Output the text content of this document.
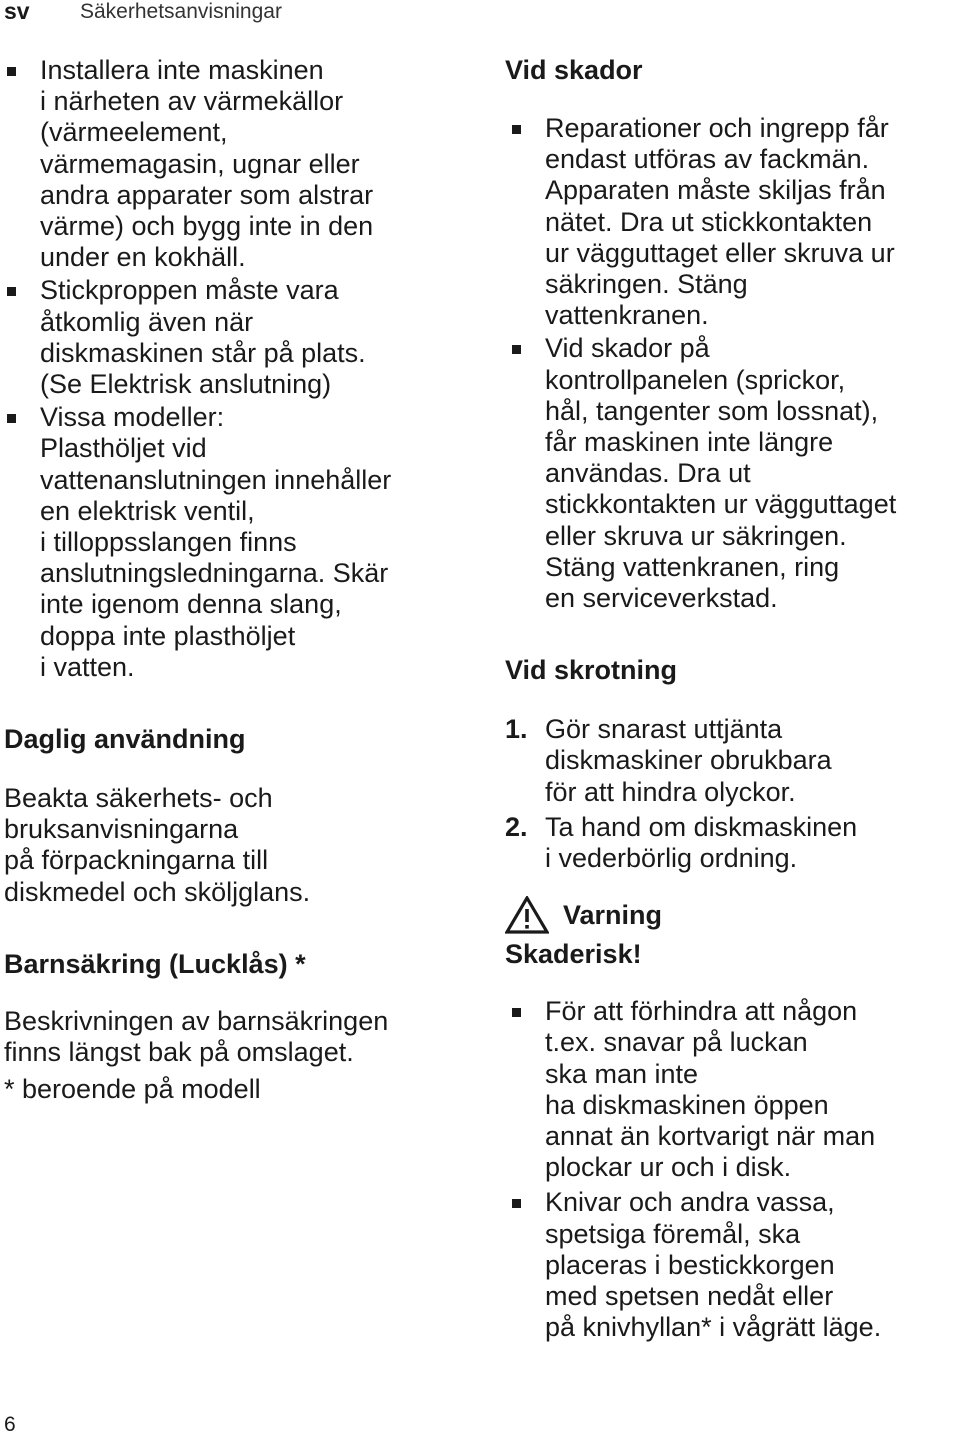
sv Säkerhetsanvisningar

Installera inte maskinen
i närheten av värmekällor
(värmeelement,
värmemagasin, ugnar eller
andra apparater som alstrar
värme) och bygg inte in den
under en kokhäll.

Stickproppen måste vara
åtkomlig även när
diskmaskinen står på plats.
(Se Elektrisk anslutning)

Vissa modeller:
Plasthöljet vid
vattenanslutningen innehåller
en elektrisk ventil,
i tilloppsslangen finns
anslutningsledningarna. Skär
inte igenom denna slang,
doppa inte plasthöljet
i vatten.

Daglig användning

Beakta säkerhets- och
bruksanvisningarna
på förpackningarna till
diskmedel och sköljglans.

Barnsäkring (Lucklås) *

Beskrivningen av barnsäkringen
finns längst bak på omslaget.

* beroende på modell

Vid skador

Reparationer och ingrepp får
endast utföras av fackmän.
Apparaten måste skiljas från
nätet. Dra ut stickkontakten
ur vägguttaget eller skruva ur
säkringen. Stäng
vattenkranen.

Vid skador på
kontrollpanelen (sprickor,
hål, tangenter som lossnat),
får maskinen inte längre
användas. Dra ut
stickkontakten ur vägguttaget
eller skruva ur säkringen.
Stäng vattenkranen, ring
en serviceverkstad.

Vid skrotning
1. Gör snarast uttjänta
diskmaskiner obrukbara
för att hindra olyckor.

2. Ta hand om diskmaskinen
i vederbörlig ordning.

Varning
Skaderisk!

För att förhindra att någon
t.ex. snavar på luckan
ska man inte
ha diskmaskinen öppen
annat än kortvarigt när man
plockar ur och i disk.

Knivar och andra vassa,
spetsiga föremål, ska
placeras i bestickkorgen
med spetsen nedåt eller
på knivhyllan* i vågrätt läge.

6
